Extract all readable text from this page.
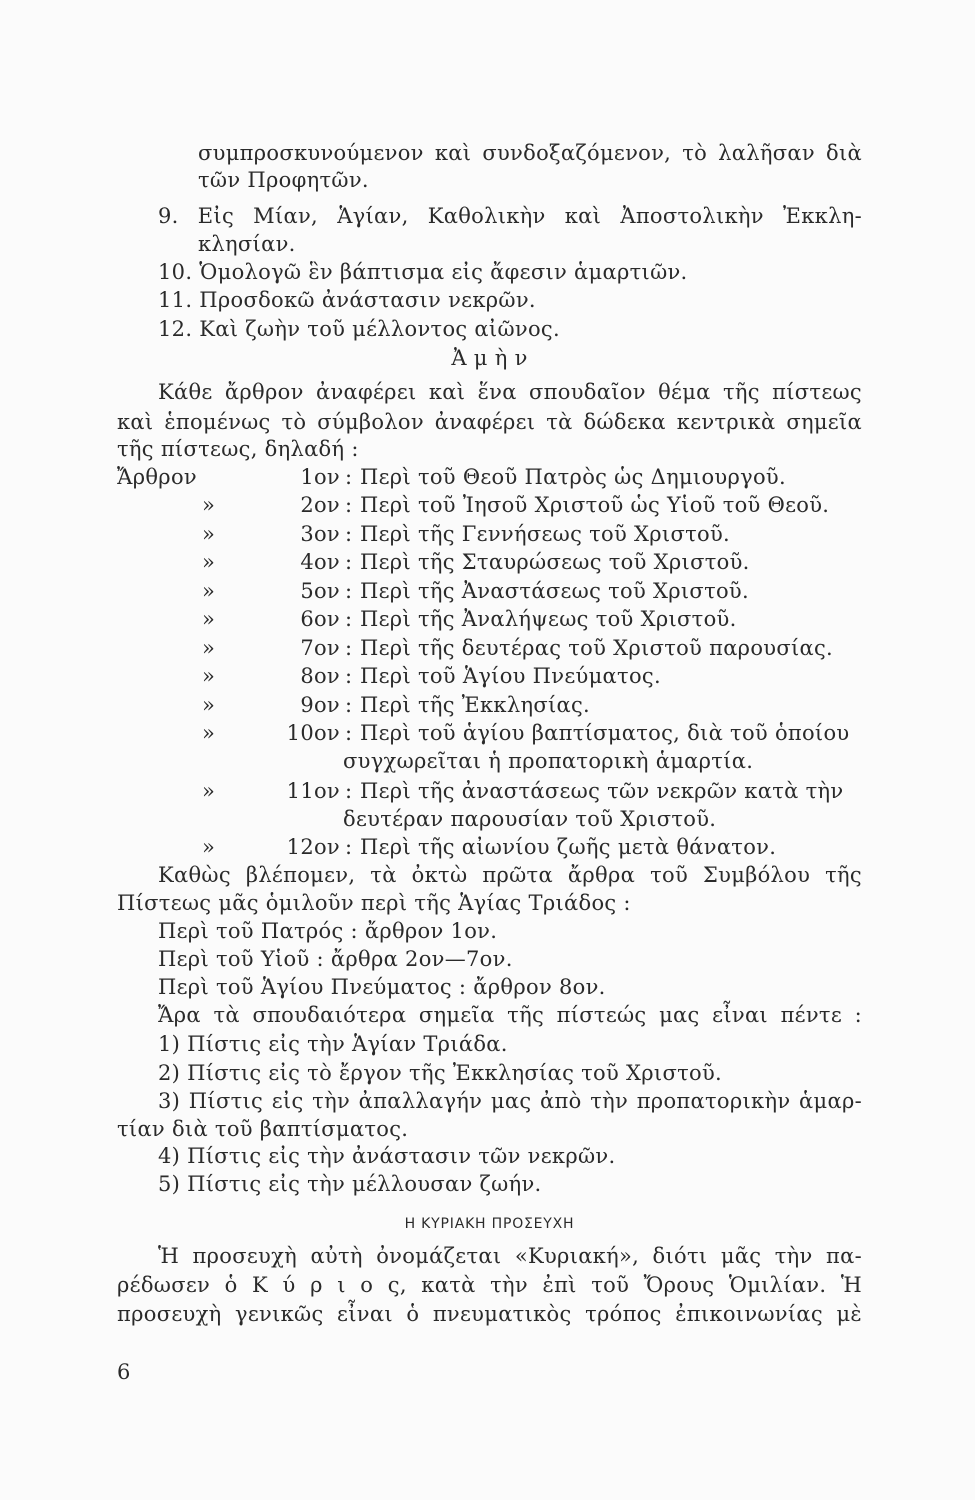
συμπροσκυνούμενον καὶ συνδοξαζόμενον, τὸ λαλῆσαν διὰ
τῶν Προφητῶν.
9. Εἰς Μίαν, Ἁγίαν, Καθολικὴν καὶ Ἀποστολικὴν Ἐκκλη-
κλησίαν.
10. Ὁμολογῶ ἓν βάπτισμα εἰς ἄφεσιν ἁμαρτιῶν.
11. Προσδοκῶ ἀνάστασιν νεκρῶν.
12. Καὶ ζωὴν τοῦ μέλλοντος αἰῶνος.
Ἀ μ ὴ ν
Κάθε ἄρθρον ἀναφέρει καὶ ἕνα σπουδαῖον θέμα τῆς πίστεως
καὶ ἑπομένως τὸ σύμβολον ἀναφέρει τὰ δώδεκα κεντρικὰ σημεῖα
τῆς πίστεως, δηλαδή :
Ἄρθρον	1ον : Περὶ τοῦ Θεοῦ Πατρὸς ὡς Δημιουργοῦ.
»	2ον : Περὶ τοῦ Ἰησοῦ Χριστοῦ ὡς Υἱοῦ τοῦ Θεοῦ.
»	3ον : Περὶ τῆς Γεννήσεως τοῦ Χριστοῦ.
»	4ον : Περὶ τῆς Σταυρώσεως τοῦ Χριστοῦ.
»	5ον : Περὶ τῆς Ἀναστάσεως τοῦ Χριστοῦ.
»	6ον : Περὶ τῆς Ἀναλήψεως τοῦ Χριστοῦ.
»	7ον : Περὶ τῆς δευτέρας τοῦ Χριστοῦ παρουσίας.
»	8ον : Περὶ τοῦ Ἁγίου Πνεύματος.
»	9ον : Περὶ τῆς Ἐκκλησίας.
»	10ον : Περὶ τοῦ ἁγίου βαπτίσματος, διὰ τοῦ ὁποίου
συγχωρεῖται ἡ προπατορικὴ ἁμαρτία.
»	11ον : Περὶ τῆς ἀναστάσεως τῶν νεκρῶν κατὰ τὴν
δευτέραν παρουσίαν τοῦ Χριστοῦ.
»	12ον : Περὶ τῆς αἰωνίου ζωῆς μετὰ θάνατον.
Καθὼς βλέπομεν, τὰ ὀκτὼ πρῶτα ἄρθρα τοῦ Συμβόλου τῆς
Πίστεως μᾶς ὁμιλοῦν περὶ τῆς Ἁγίας Τριάδος :
Περὶ τοῦ Πατρός : ἄρθρον 1ον.
Περὶ τοῦ Υἱοῦ : ἄρθρα 2ον—7ον.
Περὶ τοῦ Ἁγίου Πνεύματος : ἄρθρον 8ον.
Ἄρα τὰ σπουδαιότερα σημεῖα τῆς πίστεώς μας εἶναι πέντε :
1) Πίστις εἰς τὴν Ἁγίαν Τριάδα.
2) Πίστις εἰς τὸ ἔργον τῆς Ἐκκλησίας τοῦ Χριστοῦ.
3) Πίστις εἰς τὴν ἀπαλλαγήν μας ἀπὸ τὴν προπατορικὴν ἁμαρ-
τίαν διὰ τοῦ βαπτίσματος.
4) Πίστις εἰς τὴν ἀνάστασιν τῶν νεκρῶν.
5) Πίστις εἰς τὴν μέλλουσαν ζωήν.
Η ΚΥΡΙΑΚΗ ΠΡΟΣΕΥΧΗ
Ἡ προσευχὴ αὐτὴ ὀνομάζεται «Κυριακή», διότι μᾶς τὴν πα-
ρέδωσεν ὁ Κ ύ ρ ι ο ς, κατὰ τὴν ἐπὶ τοῦ Ὄρους Ὁμιλίαν. Ἡ
προσευχὴ γενικῶς εἶναι ὁ πνευματικὸς τρόπος ἐπικοινωνίας μὲ
6
